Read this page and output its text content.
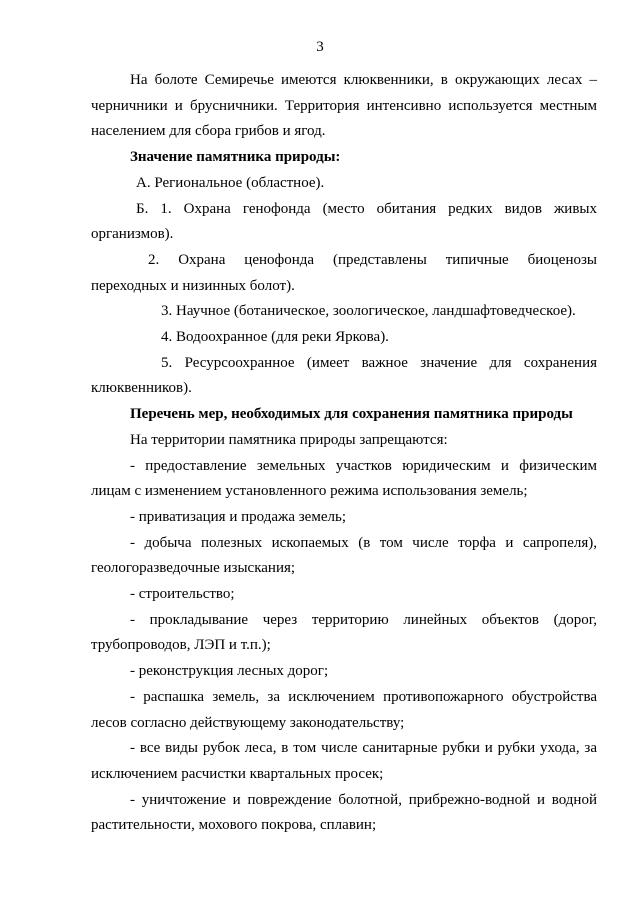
3

На болоте Семиречье имеются клюквенники, в окружающих лесах – черничники и брусничники. Территория интенсивно используется местным населением для сбора грибов и ягод.

Значение памятника природы:

А. Региональное (областное).

Б. 1. Охрана генофонда (место обитания редких видов живых организмов).

2. Охрана ценофонда (представлены типичные биоценозы переходных и низинных болот).

3. Научное (ботаническое, зоологическое, ландшафтоведческое).

4. Водоохранное (для реки Яркова).

5. Ресурсоохранное (имеет важное значение для сохранения клюквенников).

Перечень мер, необходимых для сохранения памятника природы

На территории памятника природы запрещаются:

- предоставление земельных участков юридическим и физическим лицам с изменением установленного режима использования земель;

- приватизация и продажа земель;

- добыча полезных ископаемых (в том числе торфа и сапропеля), геологоразведочные изыскания;

- строительство;

- прокладывание через территорию линейных объектов (дорог, трубопроводов, ЛЭП и т.п.);

- реконструкция лесных дорог;

- распашка земель, за исключением противопожарного обустройства лесов согласно действующему законодательству;

- все виды рубок леса, в том числе санитарные рубки и рубки ухода, за исключением расчистки квартальных просек;

- уничтожение и повреждение болотной, прибрежно-водной и водной растительности, мохового покрова, сплавин;
